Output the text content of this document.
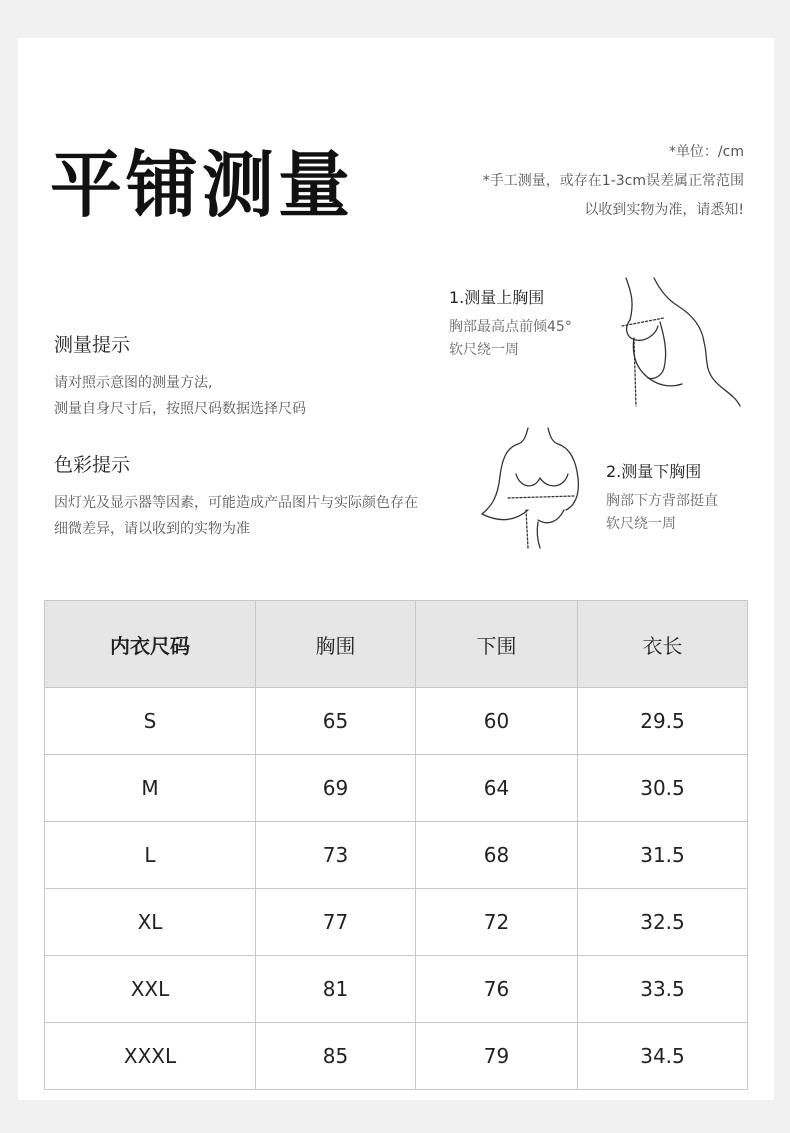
平铺测量	*单位：/cm
*手工测量，或存在1-3cm误差属正常范围
以收到实物为准，请悉知!
测量提示
请对照示意图的测量方法,
测量自身尺寸后，按照尺码数据选择尺码
色彩提示
因灯光及显示器等因素，可能造成产品图片与实际颜色存在
细微差异，请以收到的实物为准
1.测量上胸围
胸部最高点前倾45°
软尺绕一周
2.测量下胸围
胸部下方背部挺直
软尺绕一周
内衣尺码	胸围	下围	衣长
S	65	60	29.5
M	69	64	30.5
L	73	68	31.5
XL	77	72	32.5
XXL	81	76	33.5
XXXL	85	79	34.5
